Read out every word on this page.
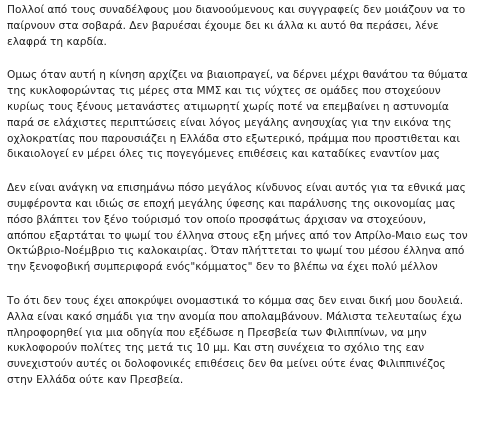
Πολλοί από τους συναδέλφους μου διανοούμενους και συγγραφείς δεν μοιάζουν να το
παίρνουν στα σοβαρά. Δεν βαρυέσαι έχουμε δει κι άλλα κι αυτό θα περάσει, λένε
ελαφρά τη καρδία.
Ομως όταν αυτή η κίνηση αρχίζει να βιαιοπραγεί, να δέρνει μέχρι θανάτου τα θύματα
της κυκλοφορώντας τις μέρες στα ΜΜΣ και τις νύχτες σε ομάδες που στοχεύουν
κυρίως τους ξένους μετανάστες ατιμωρητί χωρίς ποτέ να επεμβαίνει η αστυνομία
παρά σε ελάχιστες περιπτώσεις είναι λόγος μεγάλης ανησυχίας για την εικόνα της
οχλοκρατίας που παρουσιάζει η Ελλάδα στο εξωτερικό, πράμμα που προστιθεται και
δικαιολογεί εν μέρει όλες τις πογεγόμενες επιθέσεις και καταδίκες εναντίον μας
Δεν είναι ανάγκη να επισημάνω πόσο μεγάλος κίνδυνος είναι αυτός για τα εθνικά μας
συμφέροντα και ιδιώς σε εποχή μεγάλης ύφεσης και παράλυσης της οικονομίας μας
πόσο βλάπτει τον ξένο τούρισμό τον οποίο προσφάτως άρχισαν να στοχεύουν,
απόπου εξαρτάται το ψωμί του έλληνα στους εξη μήνες από τον Απρίλο-Μαιο εως τον
Οκτώβριο-Νοέμβριο τις καλοκαιρίας. Όταν πλήττεται το ψωμί του μέσου έλληνα από
την ξενοφοβική συμπεριφορά ενός"κόμματος" δεν το βλέπω να έχει πολύ μέλλον
Το ότι δεν τους έχει αποκρύψει ονομαστικά το κόμμα σας δεν ειναι δική μου δουλειά.
Αλλα είναι κακό σημάδι για την ανομία που απολαμβάνουν. Μάλιστα τελευταίως έχω
πληροφορηθεί για μια οδηγία που εξέδωσε η Πρεσβεία των Φιλιππίνων, να μην
κυκλοφορούν πολίτες της μετά τις 10 μμ. Και στη συνέχεια το σχόλιο της εαν
συνεχιστούν αυτές οι δολοφονικές επιθέσεις δεν θα μείνει ούτε ένας Φιλιππινέζος
στην Ελλάδα ούτε καν Πρεσβεία.
